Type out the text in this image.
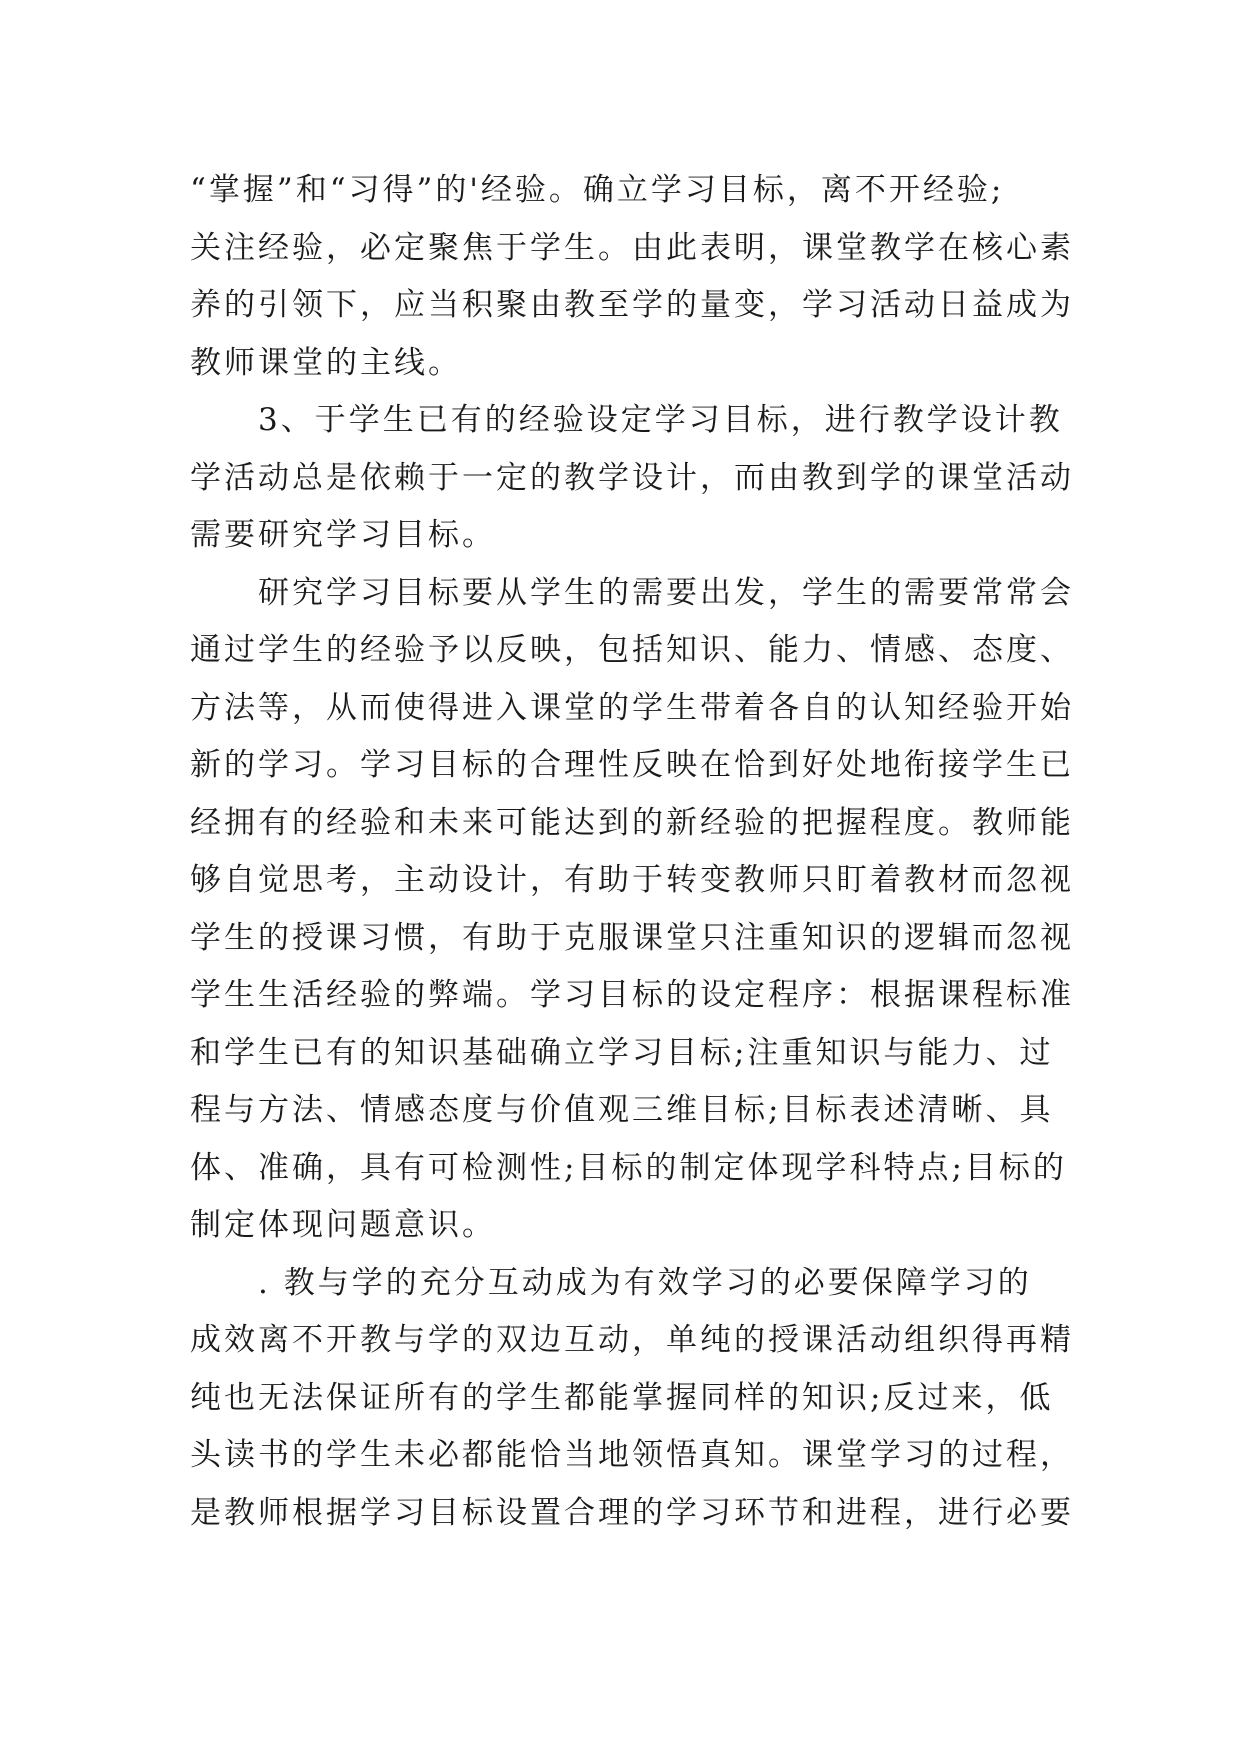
“掌握”和“习得”的'经验。确立学习目标，离不开经验;
关注经验，必定聚焦于学生。由此表明，课堂教学在核心素
养的引领下，应当积聚由教至学的量变，学习活动日益成为
教师课堂的主线。
　　3、于学生已有的经验设定学习目标，进行教学设计教
学活动总是依赖于一定的教学设计，而由教到学的课堂活动
需要研究学习目标。
　　研究学习目标要从学生的需要出发，学生的需要常常会
通过学生的经验予以反映，包括知识、能力、情感、态度、
方法等，从而使得进入课堂的学生带着各自的认知经验开始
新的学习。学习目标的合理性反映在恰到好处地衔接学生已
经拥有的经验和未来可能达到的新经验的把握程度。教师能
够自觉思考，主动设计，有助于转变教师只盯着教材而忽视
学生的授课习惯，有助于克服课堂只注重知识的逻辑而忽视
学生生活经验的弊端。学习目标的设定程序：根据课程标准
和学生已有的知识基础确立学习目标;注重知识与能力、过
程与方法、情感态度与价值观三维目标;目标表述清晰、具
体、准确，具有可检测性;目标的制定体现学科特点;目标的
制定体现问题意识。
　　. 教与学的充分互动成为有效学习的必要保障学习的
成效离不开教与学的双边互动，单纯的授课活动组织得再精
纯也无法保证所有的学生都能掌握同样的知识;反过来，低
头读书的学生未必都能恰当地领悟真知。课堂学习的过程，
是教师根据学习目标设置合理的学习环节和进程，进行必要
